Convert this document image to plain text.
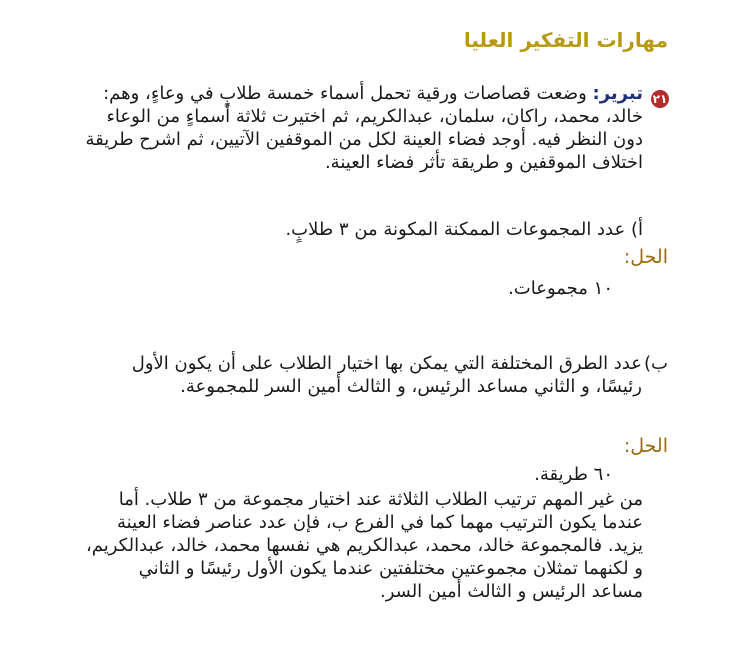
مهارات التفكير العليا
٢١

تبرير: وضعت قصاصات ورقية تحمل أسماء خمسة طلابٍ في وعاءٍ، وهم: خالد، محمد، راكان، سلمان، عبدالكريم، ثم اختيرت ثلاثة أسماءٍ من الوعاء دون النظر فيه. أوجد فضاء العينة لكل من الموقفين الآتيين، ثم اشرح طريقة اختلاف الموقفين و طريقة تأثر فضاء العينة.

أ) عدد المجموعات الممكنة المكونة من ٣ طلابٍ.
الحل:
١٠ مجموعات.
ب)
عدد الطرق المختلفة التي يمكن بها اختيار الطلاب على أن يكون الأول رئيسًا، و الثاني مساعد الرئيس، و الثالث أمين السر للمجموعة.
الحل:
٦٠ طريقة.

من غير المهم ترتيب الطلاب الثلاثة عند اختيار مجموعة من ٣ طلاب. أما عندما يكون الترتيب مهما كما في الفرع ب، فإن عدد عناصر فضاء العينة يزيد. فالمجموعة خالد، محمد، عبدالكريم هي نفسها محمد، خالد، عبدالكريم، و لكنهما تمثلان مجموعتين مختلفتين عندما يكون الأول رئيسًا و الثاني مساعد الرئيس و الثالث أمين السر.
